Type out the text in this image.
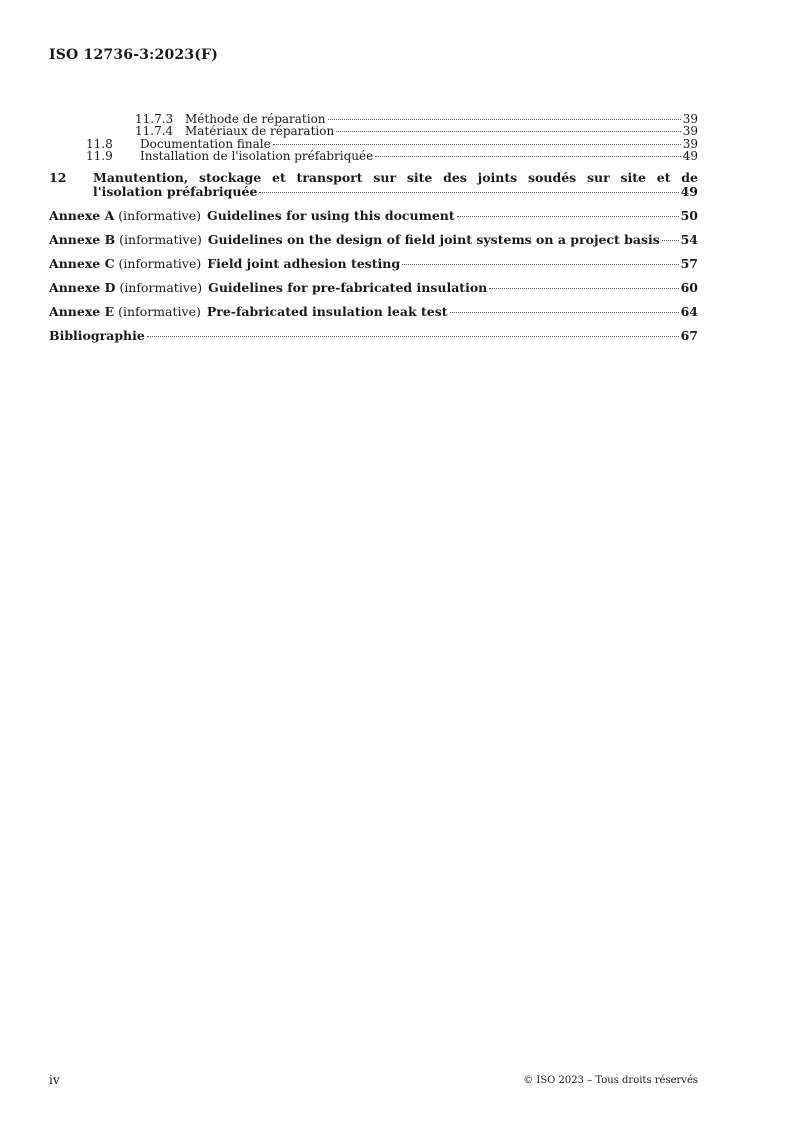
ISO 12736-3:2023(F)
11.7.3 Méthode de réparation	39
11.7.4 Matériaux de réparation	39
11.8	Documentation finale	39
11.9	Installation de l'isolation préfabriquée	49
12	Manutention, stockage et transport sur site des joints soudés sur site et de
l'isolation préfabriquée	49
Annexe A (informative) Guidelines for using this document	50
Annexe B (informative) Guidelines on the design of field joint systems on a project basis 54
Annexe C (informative) Field joint adhesion testing	57
Annexe D (informative) Guidelines for pre-fabricated insulation	60
Annexe E (informative) Pre-fabricated insulation leak test	64
Bibliographie	67
iv	© ISO 2023 – Tous droits réservés
